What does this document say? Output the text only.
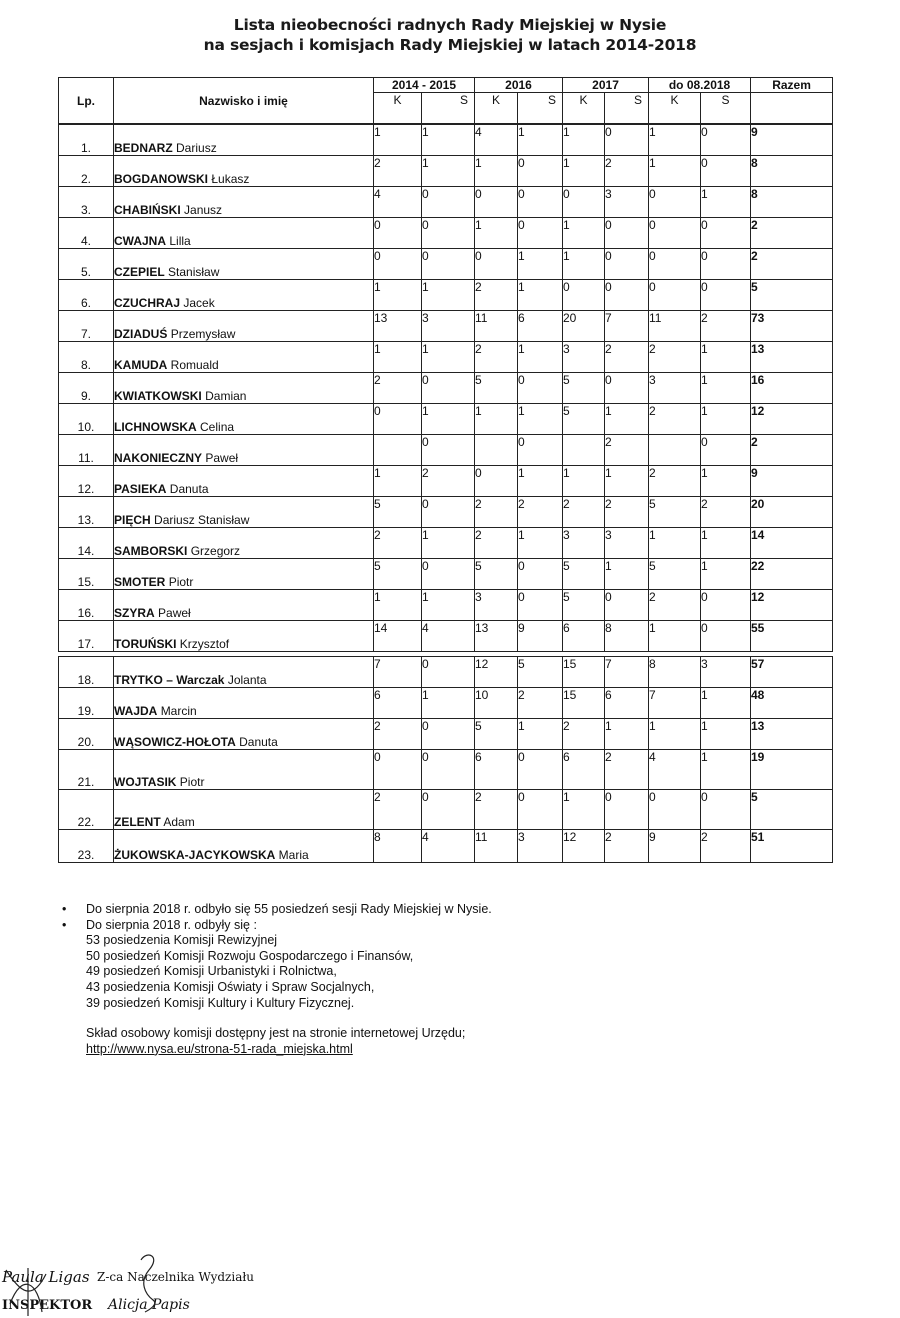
Lista nieobecności radnych Rady Miejskiej w Nysie
na sesjach i komisjach Rady Miejskiej w latach 2014-2018
Lp.	Nazwisko i imię	2014 - 2015		2016		2017		do 08.2018		Razem
		K	S	K	S	K	S	K	S	
1.	BEDNARZ Dariusz	1	1	4	1	1	0	1	0	9
2.	BOGDANOWSKI Łukasz	2	1	1	0	1	2	1	0	8
3.	CHABIŃSKI Janusz	4	0	0	0	0	3	0	1	8
4.	CWAJNA Lilla	0	0	1	0	1	0	0	0	2
5.	CZEPIEL Stanisław	0	0	0	1	1	0	0	0	2
6.	CZUCHRAJ Jacek	1	1	2	1	0	0	0	0	5
7.	DZIADUŚ Przemysław	13	3	11	6	20	7	11	2	73
8.	KAMUDA Romuald	1	1	2	1	3	2	2	1	13
9.	KWIATKOWSKI Damian	2	0	5	0	5	0	3	1	16
10.	LICHNOWSKA Celina	0	1	1	1	5	1	2	1	12
11.	NAKONIECZNY Paweł		0		0		2		0	2
12.	PASIEKA Danuta	1	2	0	1	1	1	2	1	9
13.	PIĘCH Dariusz Stanisław	5	0	2	2	2	2	5	2	20
14.	SAMBORSKI Grzegorz	2	1	2	1	3	3	1	1	14
15.	SMOTER Piotr	5	0	5	0	5	1	5	1	22
16.	SZYRA Paweł	1	1	3	0	5	0	2	0	12
17.	TORUŃSKI Krzysztof	14	4	13	9	6	8	1	0	55
18.	TRYTKO – Warczak Jolanta	7	0	12	5	15	7	8	3	57
19.	WAJDA Marcin	6	1	10	2	15	6	7	1	48
20.	WĄSOWICZ-HOŁOTA Danuta	2	0	5	1	2	1	1	1	13
21.	WOJTASIK Piotr	0	0	6	0	6	2	4	1	19
22.	ZELENT Adam	2	0	2	0	1	0	0	0	5
23.	ŻUKOWSKA-JACYKOWSKA Maria	8	4	11	3	12	2	9	2	51
• Do sierpnia 2018 r. odbyło się 55 posiedzeń sesji Rady Miejskiej w Nysie.
• Do sierpnia 2018 r. odbyły się :
53 posiedzenia Komisji Rewizyjnej
50 posiedzeń Komisji Rozwoju Gospodarczego i Finansów,
49 posiedzeń Komisji Urbanistyki i Rolnictwa,
43 posiedzenia Komisji Oświaty i Spraw Socjalnych,
39 posiedzeń Komisji Kultury i Kultury Fizycznej.
Skład osobowy komisji dostępny jest na stronie internetowej Urzędu;
http://www.nysa.eu/strona-51-rada_miejska.html
Paula Ligas
INSPEKTOR
Z-ca Naczelnika Wydziału
Alicja Papis
